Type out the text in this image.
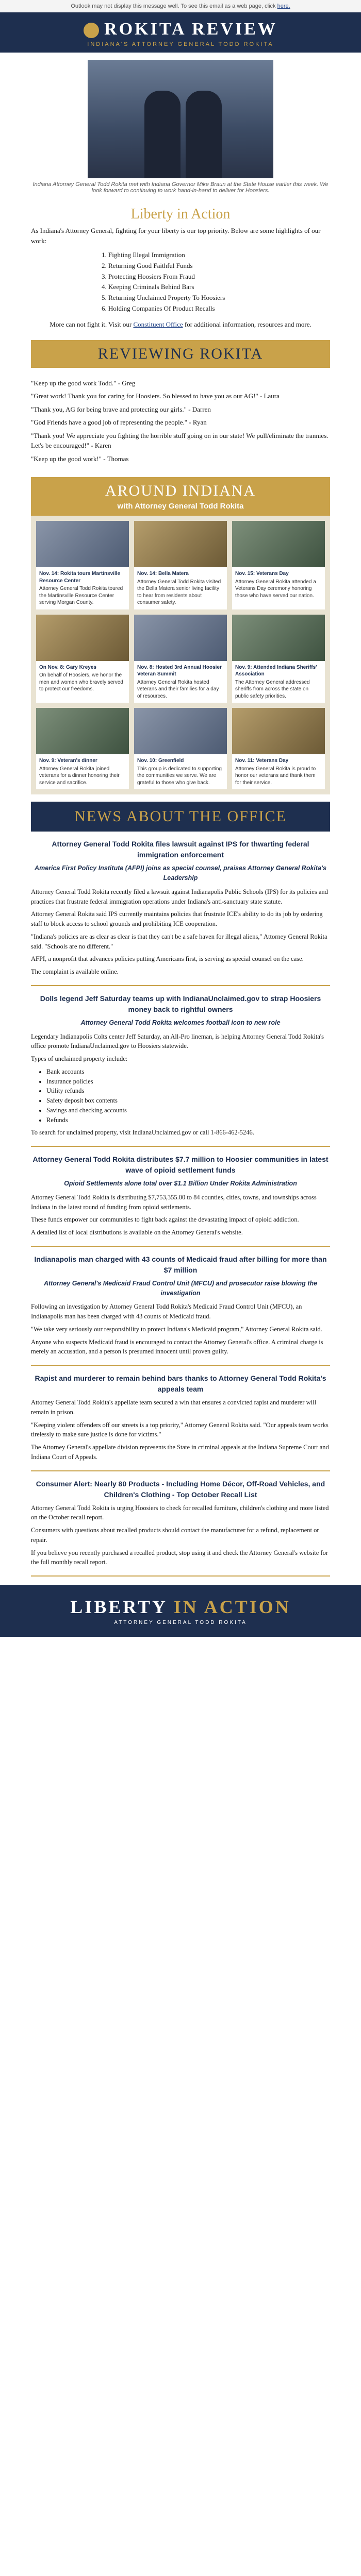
Outlook may not display this message well. To see this email as a web page, click here.
ROKITA REVIEW
INDIANA'S ATTORNEY GENERAL TODD ROKITA
Indiana Attorney General Todd Rokita met with Indiana Governor Mike Braun at the State House earlier this week. We look forward to continuing to work hand-in-hand to deliver for Hoosiers.
Liberty in Action
As Indiana's Attorney General, fighting for your liberty is our top priority. Below are some highlights of our work:
1. Fighting Illegal Immigration
2. Returning Good Faithful Funds
3. Protecting Hoosiers From Fraud
4. Keeping Criminals Behind Bars
5. Returning Unclaimed Property To Hoosiers
6. Holding Companies Of Product Recalls
More can not fight it. Visit our Constituent Office for additional information, resources and more.
REVIEWING ROKITA

"Keep up the good work Todd." - Greg

"Great work! Thank you for caring for Hoosiers. So blessed to have you as our AG!" - Laura

"Thank you, AG for being brave and protecting our girls." - Darren

"God Friends have a good job of representing the people." - Ryan

"Thank you! We appreciate you fighting the horrible stuff going on in our state! We pull/eliminate the trannies. Let's be encouraged!" - Karen

"Keep up the good work!" - Thomas

AROUND INDIANA
with Attorney General Todd Rokita
Nov. 14: Rokita tours Martinsville Resource Center
Attorney General Todd Rokita toured the Martinsville Resource Center serving Morgan County.
Nov. 14: Bella Matera
Attorney General Todd Rokita visited the Bella Matera senior living facility to hear from residents about consumer safety.
Nov. 15: Veterans Day
Attorney General Rokita attended a Veterans Day ceremony honoring those who have served our nation.
On Nov. 8: Gary Kreyes
On behalf of Hoosiers, we honor the men and women who bravely served to protect our freedoms.
Nov. 8: Hosted 3rd Annual Hoosier Veteran Summit
Attorney General Rokita hosted veterans and their families for a day of resources.
Nov. 9: Attended Indiana Sheriffs' Association
The Attorney General addressed sheriffs from across the state on public safety priorities.
Nov. 9: Veteran's dinner
Attorney General Rokita joined veterans for a dinner honoring their service and sacrifice.
Nov. 10: Greenfield
This group is dedicated to supporting the communities we serve. We are grateful to those who give back.
Nov. 11: Veterans Day
Attorney General Rokita is proud to honor our veterans and thank them for their service.
NEWS ABOUT THE OFFICE
Attorney General Todd Rokita files lawsuit against IPS for thwarting federal immigration enforcement
America First Policy Institute (AFPI) joins as special counsel, praises Attorney General Rokita's Leadership

Attorney General Todd Rokita recently filed a lawsuit against Indianapolis Public Schools (IPS) for its policies and practices that frustrate federal immigration operations under Indiana's anti-sanctuary state statute.

Attorney General Rokita said IPS currently maintains policies that frustrate ICE's ability to do its job by ordering staff to block access to school grounds and prohibiting ICE cooperation.

"Indiana's policies are as clear as clear is that they can't be a safe haven for illegal aliens," Attorney General Rokita said. "Schools are no different."

AFPI, a nonprofit that advances policies putting Americans first, is serving as special counsel on the case.

The complaint is available online.

Dolls legend Jeff Saturday teams up with IndianaUnclaimed.gov to strap Hoosiers money back to rightful owners
Attorney General Todd Rokita welcomes football icon to new role

Legendary Indianapolis Colts center Jeff Saturday, an All-Pro lineman, is helping Attorney General Todd Rokita's office promote IndianaUnclaimed.gov to Hoosiers statewide.

Types of unclaimed property include:

• Bank accounts
• Insurance policies
• Utility refunds
• Safety deposit box contents
• Savings and checking accounts
• Refunds

To search for unclaimed property, visit IndianaUnclaimed.gov or call 1-866-462-5246.

Attorney General Todd Rokita distributes $7.7 million to Hoosier communities in latest wave of opioid settlement funds
Opioid Settlements alone total over $1.1 Billion Under Rokita Administration

Attorney General Todd Rokita is distributing $7,753,355.00 to 84 counties, cities, towns, and townships across Indiana in the latest round of funding from opioid settlements.

These funds empower our communities to fight back against the devastating impact of opioid addiction.

A detailed list of local distributions is available on the Attorney General's website.

Indianapolis man charged with 43 counts of Medicaid fraud after billing for more than $7 million
Attorney General's Medicaid Fraud Control Unit (MFCU) and prosecutor raise blowing the investigation

Following an investigation by Attorney General Todd Rokita's Medicaid Fraud Control Unit (MFCU), an Indianapolis man has been charged with 43 counts of Medicaid fraud.

"We take very seriously our responsibility to protect Indiana's Medicaid program," Attorney General Rokita said.

Anyone who suspects Medicaid fraud is encouraged to contact the Attorney General's office. A criminal charge is merely an accusation, and a person is presumed innocent until proven guilty.

Rapist and murderer to remain behind bars thanks to Attorney General Todd Rokita's appeals team

Attorney General Todd Rokita's appellate team secured a win that ensures a convicted rapist and murderer will remain in prison.

"Keeping violent offenders off our streets is a top priority," Attorney General Rokita said. "Our appeals team works tirelessly to make sure justice is done for victims."

The Attorney General's appellate division represents the State in criminal appeals at the Indiana Supreme Court and Indiana Court of Appeals.

Consumer Alert: Nearly 80 Products - Including Home Décor, Off-Road Vehicles, and Children's Clothing - Top October Recall List

Attorney General Todd Rokita is urging Hoosiers to check for recalled furniture, children's clothing and more listed on the October recall report.

Consumers with questions about recalled products should contact the manufacturer for a refund, replacement or repair.

If you believe you recently purchased a recalled product, stop using it and check the Attorney General's website for the full monthly recall report.

LIBERTY IN ACTION
ATTORNEY GENERAL TODD ROKITA
